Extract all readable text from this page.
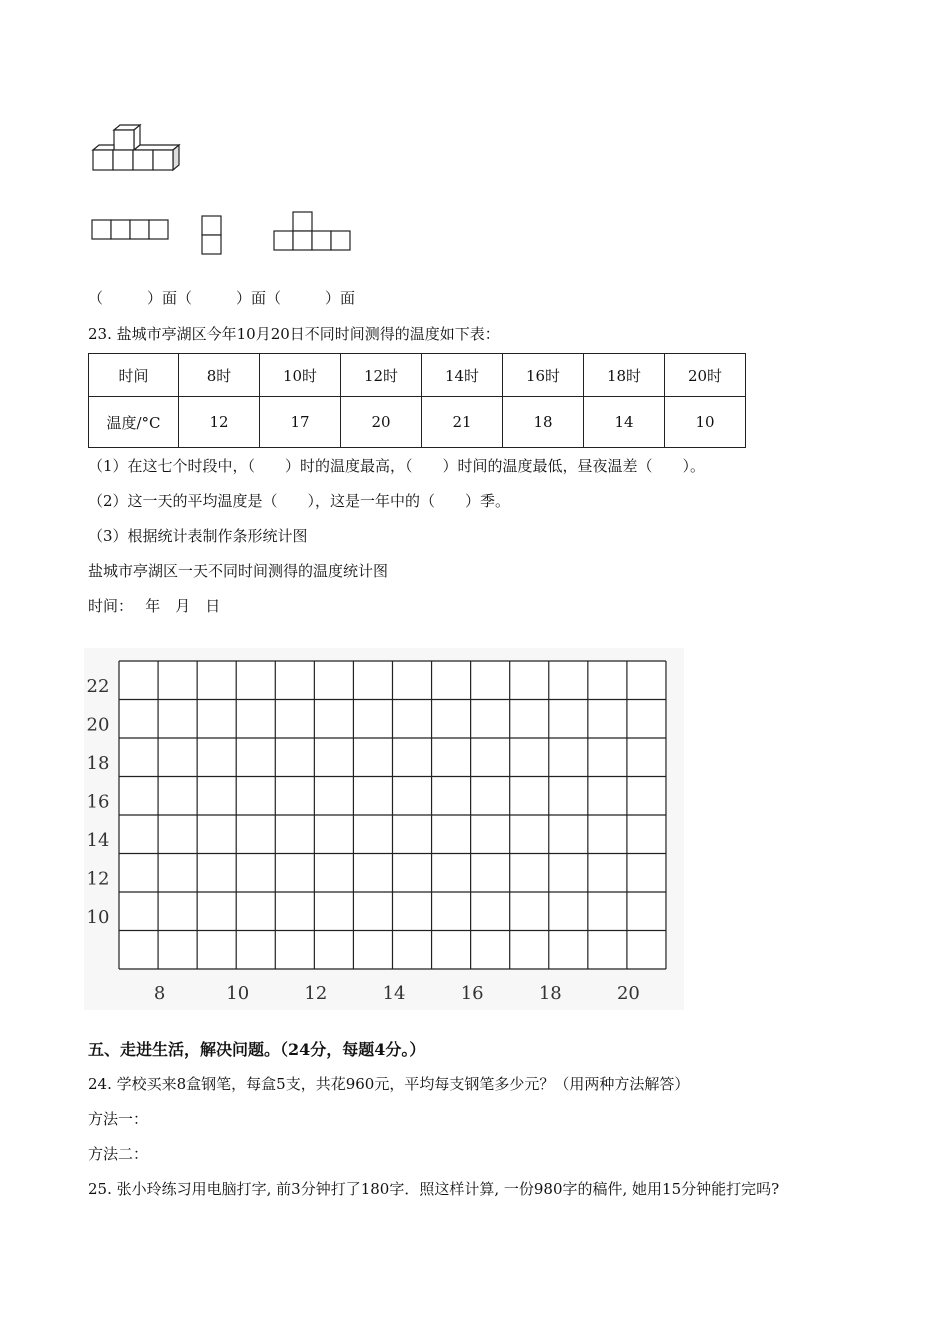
（	）面（	）面（	）面
23. 盐城市亭湖区今年10月20日不同时间测得的温度如下表：
时间	8时	10时	12时	14时	16时	18时	20时
温度/°C	12	17	20	21	18	14	10
（1）在这七个时段中，（　　）时的温度最高，（　　）时间的温度最低，昼夜温差（　　）。
（2）这一天的平均温度是（　　），这是一年中的（　　）季。
（3）根据统计表制作条形统计图
盐城市亭湖区一天不同时间测得的温度统计图
时间：　 年　月　日
22
20
18
16
14
12
10
8	10	12	14	16	18	20
五、走进生活，解决问题。（24分，每题4分。）
24. 学校买来8盒钢笔，每盒5支，共花960元，平均每支钢笔多少元？（用两种方法解答）
方法一：
方法二：
25. 张小玲练习用电脑打字, 前3分钟打了180字．照这样计算, 一份980字的稿件, 她用15分钟能打完吗?
